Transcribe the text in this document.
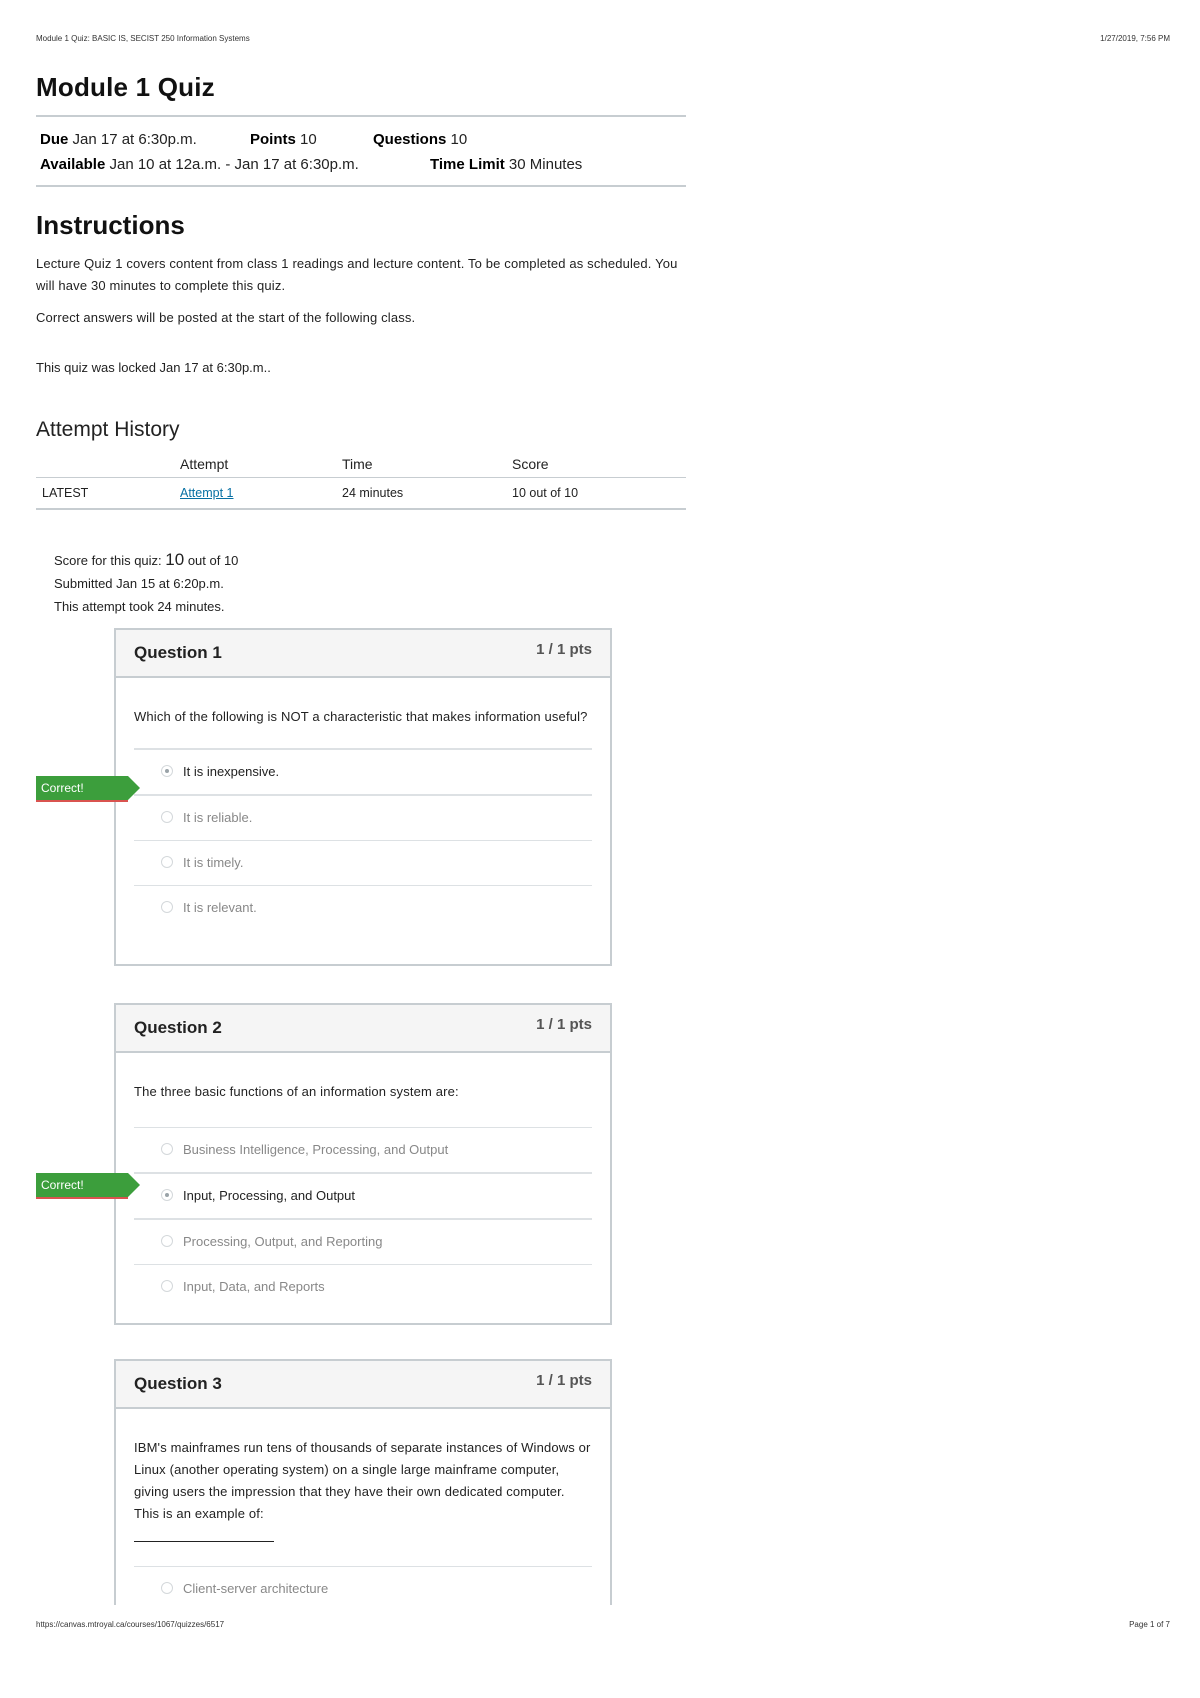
Module 1 Quiz: BASIC IS, SECIST 250 Information Systems	1/27/2019, 7:56 PM
Module 1 Quiz
Due Jan 17 at 6:30p.m.	Points 10	Questions 10
Available Jan 10 at 12a.m. - Jan 17 at 6:30p.m.	Time Limit 30 Minutes
Instructions

Lecture Quiz 1 covers content from class 1 readings and lecture content. To be completed as scheduled. You will have 30 minutes to complete this quiz.

Correct answers will be posted at the start of the following class.

This quiz was locked Jan 17 at 6:30p.m..
Attempt History
	Attempt	Time	Score
LATEST	Attempt 1	24 minutes	10 out of 10
Score for this quiz: 10 out of 10
Submitted Jan 15 at 6:20p.m.
This attempt took 24 minutes.
Question 1	1 / 1 pts
Which of the following is NOT a characteristic that makes information useful?
It is inexpensive.
It is reliable.
It is timely.
It is relevant.
Correct!
Question 2	1 / 1 pts
The three basic functions of an information system are:
Business Intelligence, Processing, and Output
Input, Processing, and Output
Processing, Output, and Reporting
Input, Data, and Reports
Correct!
Question 3	1 / 1 pts
IBM's mainframes run tens of thousands of separate instances of Windows or Linux (another operating system) on a single large mainframe computer, giving users the impression that they have their own dedicated computer. This is an example of:
Client-server architecture
https://canvas.mtroyal.ca/courses/1067/quizzes/6517	Page 1 of 7
